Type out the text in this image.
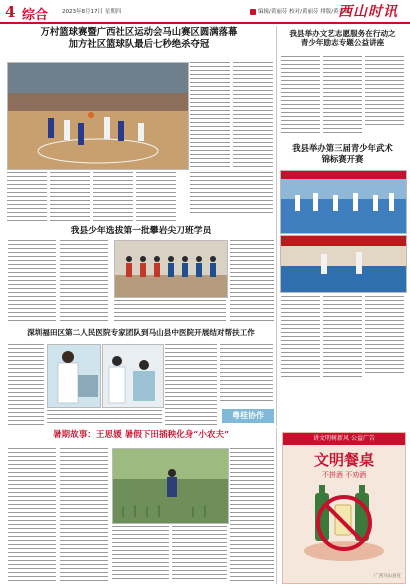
4 综合	2023年8月17日 星期四	编辑/黄丽芬 校对/黄丽芬 排版/黄金媚
西山时讯
万村篮球赛暨广西社区运动会马山赛区圆满落幕
加方社区篮球队最后七秒绝杀夺冠
我县举办文艺志愿服务在行动之
青少年励志专题公益讲座
我县举办第三届青少年武术
锦标赛开赛
我县少年选拔第一批攀岩尖刀班学员
深圳福田区第二人民医院专家团队到马山县中医院开展结对帮扶工作
粤桂协作
暑期故事：王思媛 暑假下田插秧化身“小农夫”	讲文明树新风 公益广告
文明餐桌
不拼酒 不劝酒
广西马山县宣
